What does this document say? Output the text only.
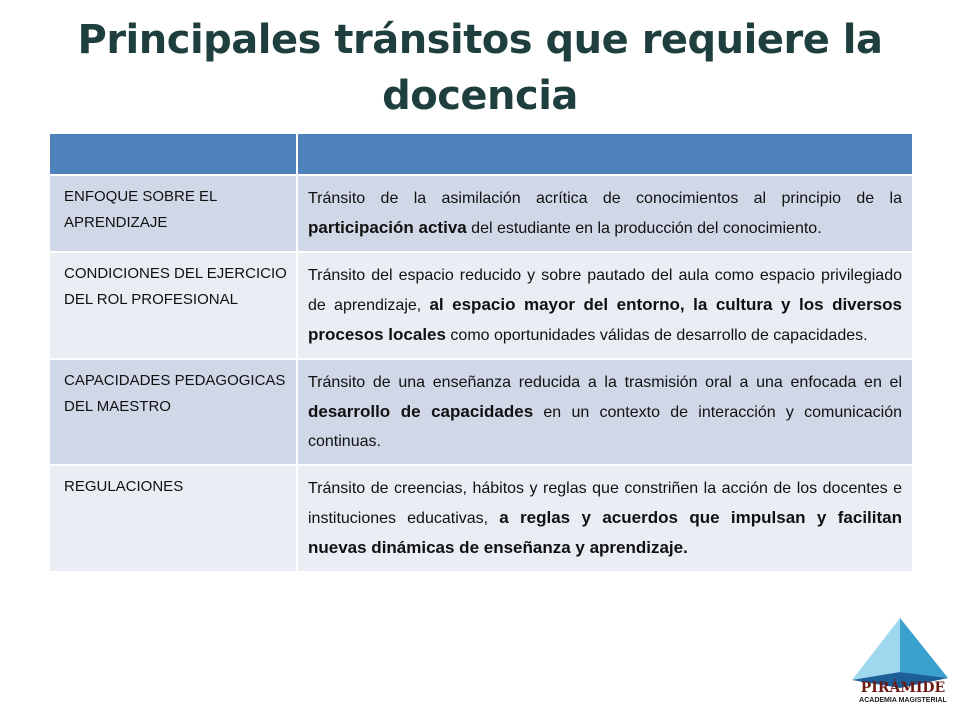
Principales tránsitos que requiere la docencia

ENFOQUE SOBRE EL APRENDIZAJE	Tránsito de la asimilación acrítica de conocimientos al principio de la participación activa del estudiante en la producción del conocimiento.
CONDICIONES DEL EJERCICIO DEL ROL PROFESIONAL	Tránsito del espacio reducido y sobre pautado del aula como espacio privilegiado de aprendizaje, al espacio mayor del entorno, la cultura y los diversos procesos locales como oportunidades válidas de desarrollo de capacidades.
CAPACIDADES PEDAGOGICAS DEL MAESTRO	Tránsito de una enseñanza reducida a la trasmisión oral a una enfocada en el desarrollo de capacidades en un contexto de interacción y comunicación continuas.
REGULACIONES	Tránsito de creencias, hábitos y reglas que constriñen la acción de los docentes e instituciones educativas, a reglas y acuerdos que impulsan y facilitan nuevas dinámicas de enseñanza y aprendizaje.
PIRÁMIDE
ACADEMIA MAGISTERIAL
